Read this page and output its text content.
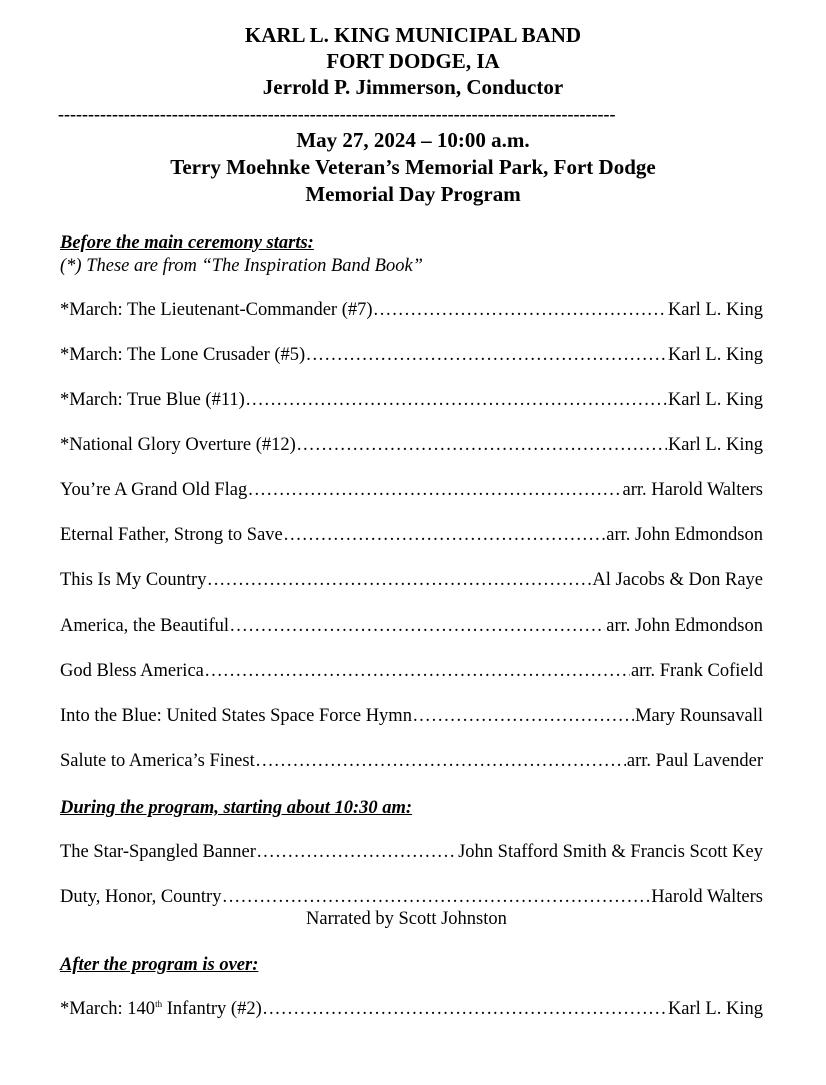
KARL L. KING MUNICIPAL BAND
FORT DODGE, IA
Jerrold P. Jimmerson, Conductor
---------------------------------------------------------------------------------------------
May 27, 2024 – 10:00 a.m.
Terry Moehnke Veteran’s Memorial Park, Fort Dodge
Memorial Day Program
Before the main ceremony starts:
(*) These are from “The Inspiration Band Book”
*March: The Lieutenant-Commander (#7) .....	Karl L. King
*March: The Lone Crusader (#5) .....	Karl L. King
*March: True Blue (#11) .....	Karl L. King
*National Glory Overture (#12) .....	Karl L. King
You’re A Grand Old Flag .....	arr. Harold Walters
Eternal Father, Strong to Save .....	arr. John Edmondson
This Is My Country .....	Al Jacobs & Don Raye
America, the Beautiful .....	arr. John Edmondson
God Bless America .....	arr. Frank Cofield
Into the Blue: United States Space Force Hymn .....	Mary Rounsavall
Salute to America’s Finest .....	arr. Paul Lavender
During the program, starting about 10:30 am:
The Star-Spangled Banner .....	John Stafford Smith & Francis Scott Key
Duty, Honor, Country .....	Harold Walters
Narrated by Scott Johnston
After the program is over:
*March: 140th Infantry (#2) .....	Karl L. King
